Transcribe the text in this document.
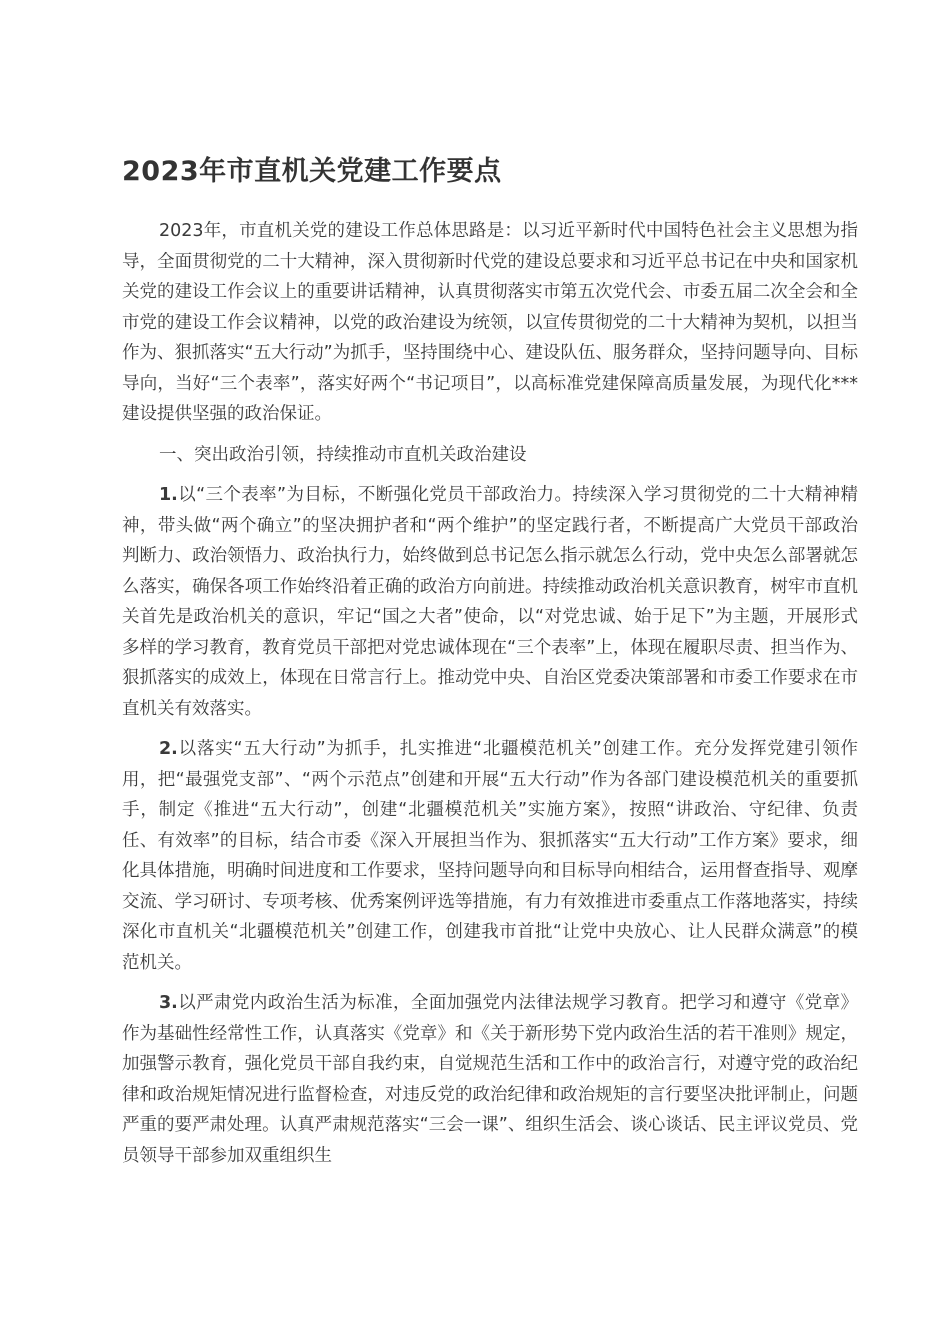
2023年市直机关党建工作要点

2023年，市直机关党的建设工作总体思路是：以习近平新时代中国特色社会主义思想为指导，全面贯彻党的二十大精神，深入贯彻新时代党的建设总要求和习近平总书记在中央和国家机关党的建设工作会议上的重要讲话精神，认真贯彻落实市第五次党代会、市委五届二次全会和全市党的建设工作会议精神，以党的政治建设为统领，以宣传贯彻党的二十大精神为契机，以担当作为、狠抓落实“五大行动”为抓手，坚持围绕中心、建设队伍、服务群众，坚持问题导向、目标导向，当好“三个表率”，落实好两个“书记项目”，以高标准党建保障高质量发展，为现代化***建设提供坚强的政治保证。

一、突出政治引领，持续推动市直机关政治建设

1.以“三个表率”为目标，不断强化党员干部政治力。持续深入学习贯彻党的二十大精神精神，带头做“两个确立”的坚决拥护者和“两个维护”的坚定践行者，不断提高广大党员干部政治判断力、政治领悟力、政治执行力，始终做到总书记怎么指示就怎么行动，党中央怎么部署就怎么落实，确保各项工作始终沿着正确的政治方向前进。持续推动政治机关意识教育，树牢市直机关首先是政治机关的意识，牢记“国之大者”使命，以“对党忠诚、始于足下”为主题，开展形式多样的学习教育，教育党员干部把对党忠诚体现在“三个表率”上，体现在履职尽责、担当作为、狠抓落实的成效上，体现在日常言行上。推动党中央、自治区党委决策部署和市委工作要求在市直机关有效落实。

2.以落实“五大行动”为抓手，扎实推进“北疆模范机关”创建工作。充分发挥党建引领作用，把“最强党支部”、“两个示范点”创建和开展“五大行动”作为各部门建设模范机关的重要抓手，制定《推进“五大行动”，创建“北疆模范机关”实施方案》，按照“讲政治、守纪律、负责任、有效率”的目标，结合市委《深入开展担当作为、狠抓落实“五大行动”工作方案》要求，细化具体措施，明确时间进度和工作要求，坚持问题导向和目标导向相结合，运用督查指导、观摩交流、学习研讨、专项考核、优秀案例评选等措施，有力有效推进市委重点工作落地落实，持续深化市直机关“北疆模范机关”创建工作，创建我市首批“让党中央放心、让人民群众满意”的模范机关。

3.以严肃党内政治生活为标准，全面加强党内法律法规学习教育。把学习和遵守《党章》作为基础性经常性工作，认真落实《党章》和《关于新形势下党内政治生活的若干准则》规定，加强警示教育，强化党员干部自我约束，自觉规范生活和工作中的政治言行，对遵守党的政治纪律和政治规矩情况进行监督检查，对违反党的政治纪律和政治规矩的言行要坚决批评制止，问题严重的要严肃处理。认真严肃规范落实“三会一课”、组织生活会、谈心谈话、民主评议党员、党员领导干部参加双重组织生
